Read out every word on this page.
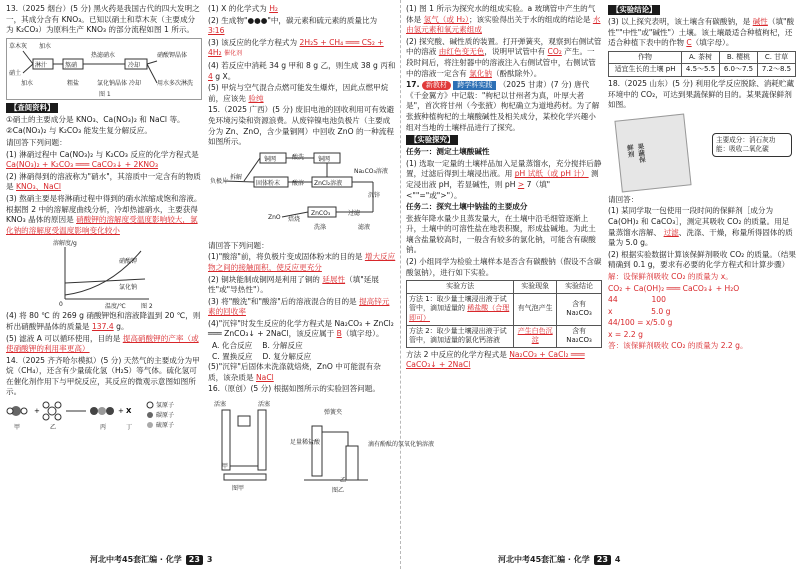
13.（2025 烟台）(5 分) 黑火药是我国古代的四大发明之一，其成分含有 KNO₃。已知以硝土和草木灰（主要成分为 K₂CO₃）为原料生产 KNO₃ 的部分流程如图 1 所示。

草木灰 加水
淋汁	熬硝
热滤硝水
冷却
硝酸钾晶体
硝土
加水	粗盐	氯化钠晶体 冷却	用水多次淋洗
图 1

【查阅资料】

①硝土的主要成分是 KNO₃、Ca(NO₃)₂ 和 NaCl 等。

②Ca(NO₃)₂ 与 K₂CO₃ 能发生复分解反应。

请回答下列问题：

(1) 淋硝过程中 Ca(NO₃)₂ 与 K₂CO₃ 反应的化学方程式是 Ca(NO₃)₂ + K₂CO₃ ═══ CaCO₃↓ + 2KNO₃

(2) 淋硝得到的溶液称为"硝水"，其溶质中一定含有的物质是 KNO₃、NaCl

(3) 熬硝主要是将淋硝过程中得到的硝水浓缩成饱和溶液。根据图 2 中的溶解度曲线分析，冷却热滤硝水，主要获得 KNO₃ 晶体的原因是 硝酸钾的溶解度受温度影响较大，氯化钠的溶解度受温度影响变化较小

溶解度/g
硝酸钾
氯化钠
0	温度/℃	图 2

(4) 将 80 ℃ 的 269 g 硝酸钾饱和溶液降温到 20 ℃，则析出硝酸钾晶体的质量是 137.4 g。

(5) 滤液 A 可以循环使用，目的是 提高硝酸钾的产率（或使硝酸钾的利用率更高）

14.（2025 齐齐哈尔模拟）(5 分) 天然气的主要成分为甲烷（CH₄），还含有少量硫化氢（H₂S）等气体。硫化氢可在催化剂作用下与甲烷反应，其反应的微观示意图如图所示。

+	+ X
甲	乙	丙	丁
氢原子
碳原子
硫原子
河北中考45套汇编 · 化学 23 3

(1) X 的化学式为 H₂

(2) 生成物"●●●"中，碳元素和硫元素的质量比为 3∶16

(3) 该反应的化学方程式为 2H₂S + CH₄ ═══ CS₂ + 4H₂ 催化剂

(4) 若反应中消耗 34 g 甲和 8 g 乙，则生成 38 g 丙和 4 g X。

(5) 甲烷与空气混合点燃可能发生爆炸，因此点燃甲烷前，应该先 验纯

15.（2025 广西）(5 分) 废旧电池的回收利用可有效避免环境污染和资源浪费。从废锌镍电池负极片（主要成分为 Zn、ZnO，含少量铜网）中回收 ZnO 的一种流程如图所示。

负极片
拆解
铜网	酸洗 铜网
固体粉末 酸溶 ZnCl₂溶液
Na₂CO₃溶液
沉锌
ZnCO₃
焙烧
ZnO
洗涤	滤液
过滤

请回答下列问题：

(1)"酸溶"前，将负极片变成固体粉末的目的是 增大反应物之间的接触面积，使反应更充分

(2) 铜块能制成铜网是利用了铜的 延展性（填"延展性"或"导热性"）。

(3) 将"酸洗"和"酸溶"后的溶液混合的目的是 提高锌元素的回收率

(4)"沉锌"时发生反应的化学方程式是 Na₂CO₃ + ZnCl₂ ═══ ZnCO₃↓ + 2NaCl，该反应属于 B（填字母）。

A. 化合反应 B. 分解反应
C. 置换反应 D. 复分解反应

(5)"沉锌"后固体未洗涤就焙烧，ZnO 中可能混有杂质，该杂质是 NaCl

16.（原创）(5 分) 根据如图所示的实验回答问题。

活塞	活塞
甲
足量稀盐酸
弹簧夹
滴有酚酞的氢氧化钠溶液
乙
图甲	图乙

(1) 图 1 所示为探究水的组成实验。a 玻璃管中产生的气体是 氢气（或 H₂）；该实验得出关于水的组成的结论是 水由氢元素和氧元素组成

(2) 探究酸、碱性质的装置。打开弹簧夹，观察到右侧试管中的溶液 由红色变无色，说明甲试管中有 CO₂ 产生。一段时间后，将注射器中的溶液注入右侧试管中，右侧试管中的溶液一定含有 氯化钠（酚酞除外）。

17. 新教材 跨学科实践 （2025 甘肃）(7 分) 唐代《千金翼方》中记载："枸杞以甘州者为真，叶厚大者是"，首次将甘州（今张掖）枸杞确立为道地药材。为了解张掖种植枸杞的土壤酸碱性及相关成分，某校化学兴趣小组对当地的土壤样品进行了探究。

【实验探究】

任务一：测定土壤酸碱性

(1) 选取一定量的土壤样品加入足量蒸馏水，充分搅拌后静置，过滤后得到土壤浸出液。用 pH 试纸（或 pH 计） 测定浸出液 pH，若显碱性，则 pH > 7（填"<""="或">"）。

任务二：探究土壤中钠盐的主要成分

张掖年降水量少且蒸发量大，在土壤中沿毛细管逐渐上升，土壤中的可溶性盐在地表积聚，形成盐碱地。为此土壤含盐量较高时，一般含有较多的氯化钠，可能含有碳酸钠。

(2) 小组同学为检验土壤样本是否含有碳酸钠（假设不含碳酸氢钠），进行如下实验。

实验方法	实验现象	实验结论
方法 1：取少量土壤浸出液于试管中，滴加适量的 稀盐酸（合理即可）	有气泡产生	含有 Na₂CO₃
方法 2：取少量土壤浸出液于试管中，滴加适量的氯化钙溶液	产生白色沉淀	含有 Na₂CO₃

方法 2 中反应的化学方程式是 Na₂CO₃ + CaCl₂ ═══ CaCO₃↓ + 2NaCl

【实验结论】

(3) 以上探究表明，该土壤含有碳酸钠，是 碱性（填"酸性""中性"或"碱性"）土壤。该土壤最适合种植枸杞，还适合种植下表中的作物 C（填字母）。

作物	A. 茶树	B. 樱桃	C. 甘草
适宜生长的土壤 pH	4.5～5.5	6.0～7.5	7.2～8.5

18.（2025 山东）(5 分) 利用化学反应脱除、消耗贮藏环境中的 CO₂，可达到果蔬保鲜的目的。某果蔬保鲜剂如图。

果蔬保鲜剂
主要成分：消石灰功能：吸收二氧化碳

请回答：

(1) 某同学取一包使用一段时间的保鲜剂［成分为 Ca(OH)₂ 和 CaCO₃］，测定其吸收 CO₂ 的质量。用足量蒸馏水溶解、 过滤、洗涤、干燥，称量所得固体的质量为 5.0 g。

(2) 根据实验数据计算该保鲜剂吸收 CO₂ 的质量。（结果精确到 0.1 g，要求有必要的化学方程式和计算步骤）

解：设保鲜剂吸收 CO₂ 的质量为 x。

CO₂ + Ca(OH)₂ ═══ CaCO₃↓ + H₂O

44              100

x                5.0 g

44/100 = x/5.0 g

x = 2.2 g

答：该保鲜剂吸收 CO₂ 的质量为 2.2 g。

河北中考45套汇编 · 化学 23 4
